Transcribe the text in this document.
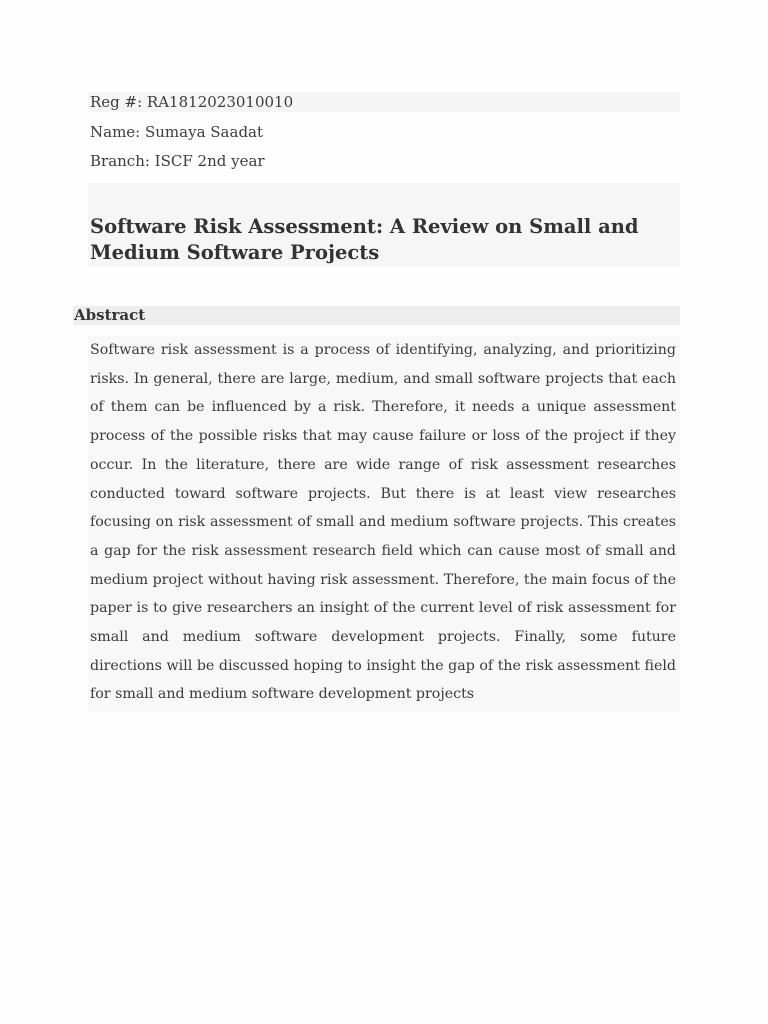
Reg #: RA1812023010010
Name: Sumaya Saadat
Branch: ISCF 2nd year
Software Risk Assessment: A Review on Small and Medium Software Projects
Abstract

Software risk assessment is a process of identifying, analyzing, and prioritizing risks. In general, there are large, medium, and small software projects that each of them can be influenced by a risk. Therefore, it needs a unique assessment process of the possible risks that may cause failure or loss of the project if they occur. In the literature, there are wide range of risk assessment researches conducted toward software projects. But there is at least view researches focusing on risk assessment of small and medium software projects. This creates a gap for the risk assessment research field which can cause most of small and medium project without having risk assessment. Therefore, the main focus of the paper is to give researchers an insight of the current level of risk assessment for small and medium software development projects. Finally, some future directions will be discussed hoping to insight the gap of the risk assessment field for small and medium software development projects
